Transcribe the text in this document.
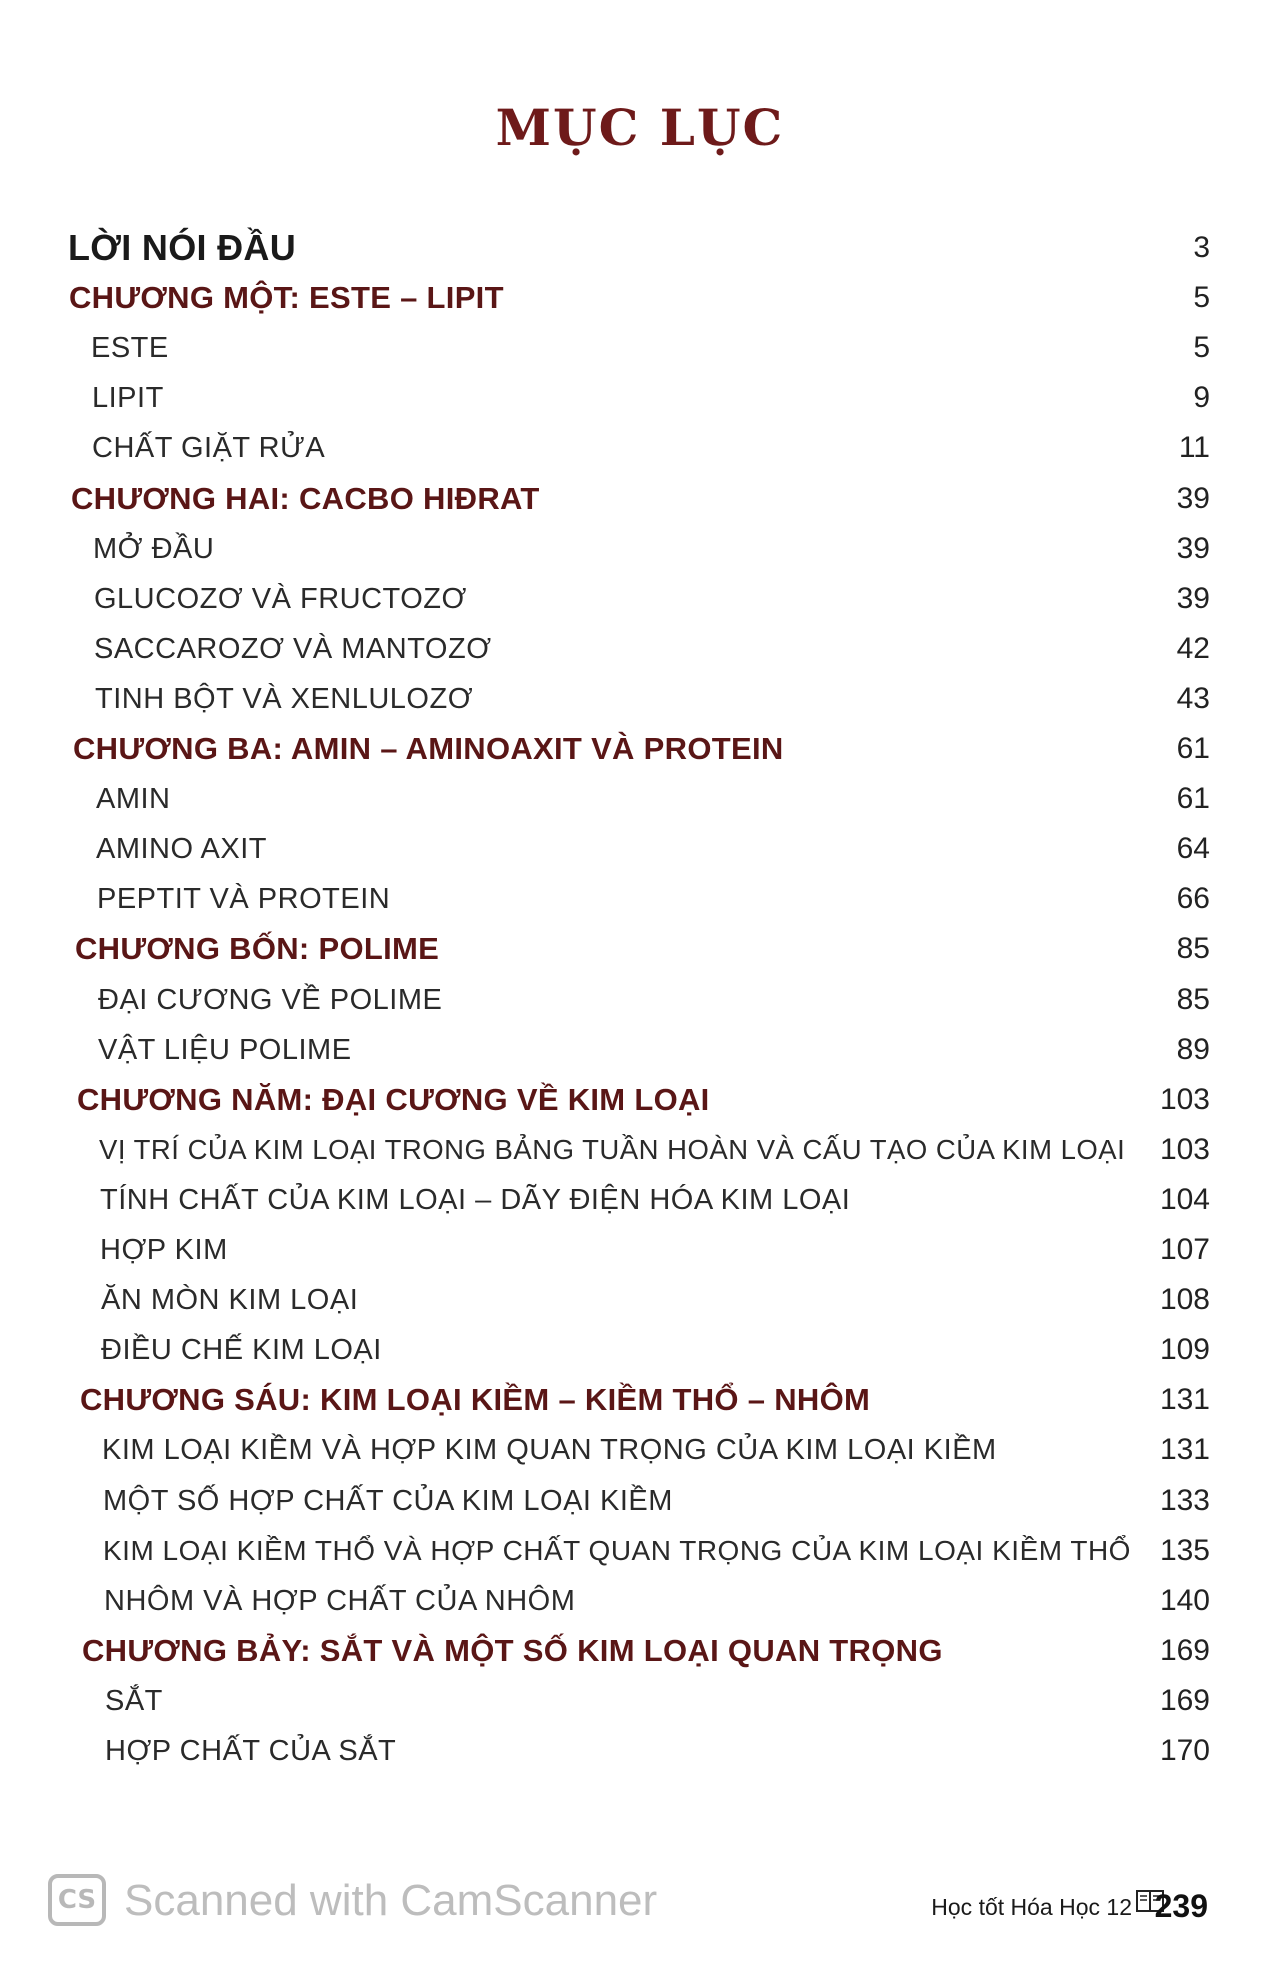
MỤC LỤC
LỜI NÓI ĐẦU	3
CHƯƠNG MỘT: ESTE – LIPIT	5
ESTE	5
LIPIT	9
CHẤT GIẶT RỬA	11
CHƯƠNG HAI: CACBO HIĐRAT	39
MỞ ĐẦU	39
GLUCOZƠ VÀ FRUCTOZƠ	39
SACCAROZƠ VÀ MANTOZƠ	42
TINH BỘT VÀ XENLULOZƠ	43
CHƯƠNG BA: AMIN – AMINOAXIT VÀ PROTEIN	61
AMIN	61
AMINO AXIT	64
PEPTIT VÀ PROTEIN	66
CHƯƠNG BỐN: POLIME	85
ĐẠI CƯƠNG VỀ POLIME	85
VẬT LIỆU POLIME	89
CHƯƠNG NĂM: ĐẠI CƯƠNG VỀ KIM LOẠI	103
VỊ TRÍ CỦA KIM LOẠI TRONG BẢNG TUẦN HOÀN VÀ CẤU TẠO CỦA KIM LOẠI	103
TÍNH CHẤT CỦA KIM LOẠI – DÃY ĐIỆN HÓA KIM LOẠI	104
HỢP KIM	107
ĂN MÒN KIM LOẠI	108
ĐIỀU CHẾ KIM LOẠI	109
CHƯƠNG SÁU: KIM LOẠI KIỀM – KIỀM THỔ – NHÔM	131
KIM LOẠI KIỀM VÀ HỢP KIM QUAN TRỌNG CỦA KIM LOẠI KIỀM	131
MỘT SỐ HỢP CHẤT CỦA KIM LOẠI KIỀM	133
KIM LOẠI KIỀM THỔ VÀ HỢP CHẤT QUAN TRỌNG CỦA KIM LOẠI KIỀM THỔ 135
NHÔM VÀ HỢP CHẤT CỦA NHÔM	140
CHƯƠNG BẢY: SẮT VÀ MỘT SỐ KIM LOẠI QUAN TRỌNG	169
SẮT	169
HỢP CHẤT CỦA SẮT	170
CS Scanned with CamScanner	Học tốt Hóa Học 12 239
